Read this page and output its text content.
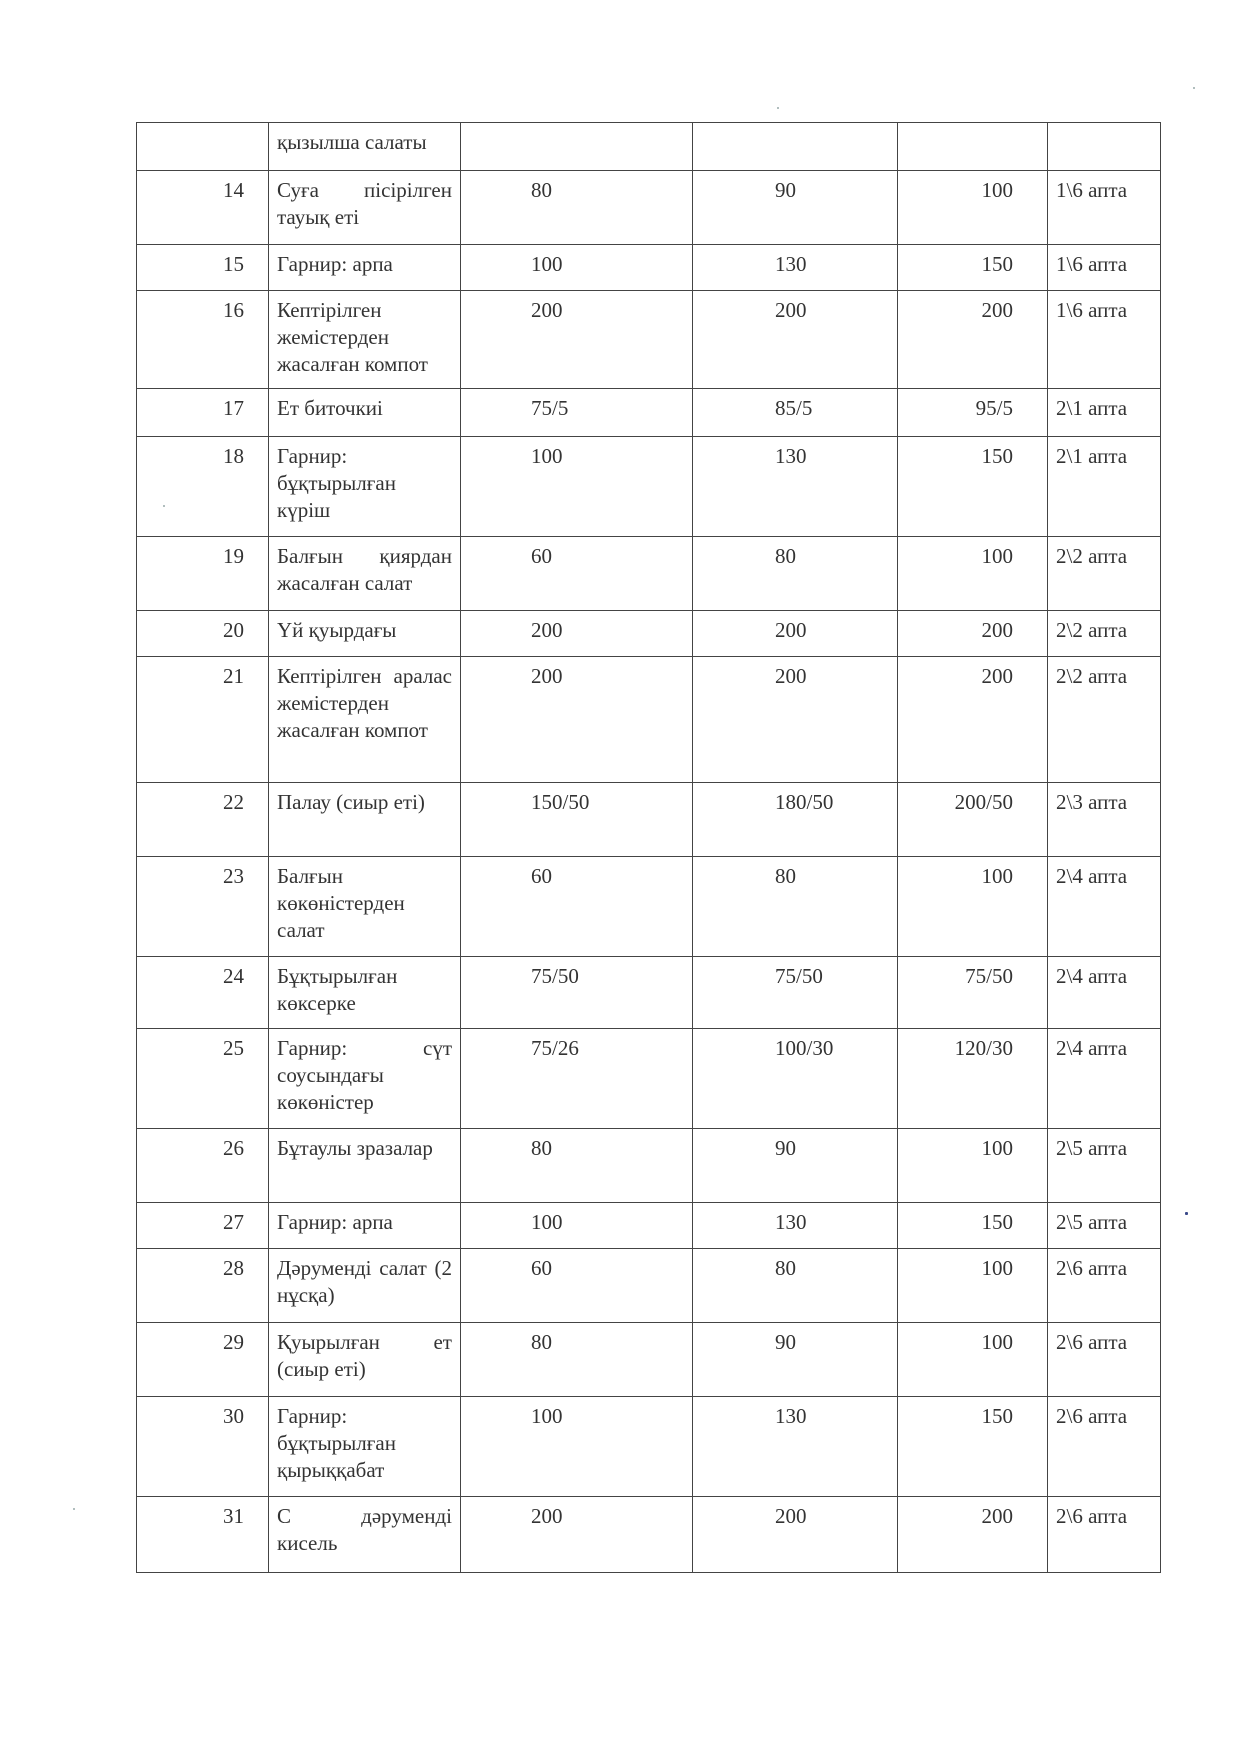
	қызылша салаты				
14	Суға пісірілген тауық еті	80	90	100	1\6 апта
15	Гарнир: арпа	100	130	150	1\6 апта
16	Кептірілген жемістерден жасалған компот	200	200	200	1\6 апта
17	Ет биточкиі	75/5	85/5	95/5	2\1 апта
18	Гарнир: бұқтырылған күріш	100	130	150	2\1 апта
19	Балғын қиярдан жасалған салат	60	80	100	2\2 апта
20	Үй қуырдағы	200	200	200	2\2 апта
21	Кептірілген аралас жемістерден жасалған компот	200	200	200	2\2 апта
22	Палау (сиыр еті)	150/50	180/50	200/50	2\3 апта
23	Балғын көкөністерден салат	60	80	100	2\4 апта
24	Бұқтырылған көксерке	75/50	75/50	75/50	2\4 апта
25	Гарнир: сүт соусындағы көкөністер	75/26	100/30	120/30	2\4 апта
26	Бұтаулы зразалар	80	90	100	2\5 апта
27	Гарнир: арпа	100	130	150	2\5 апта
28	Дәруменді салат (2 нұсқа)	60	80	100	2\6 апта
29	Қуырылған ет (сиыр еті)	80	90	100	2\6 апта
30	Гарнир: бұқтырылған қырыққабат	100	130	150	2\6 апта
31	С дәруменді кисель	200	200	200	2\6 апта
